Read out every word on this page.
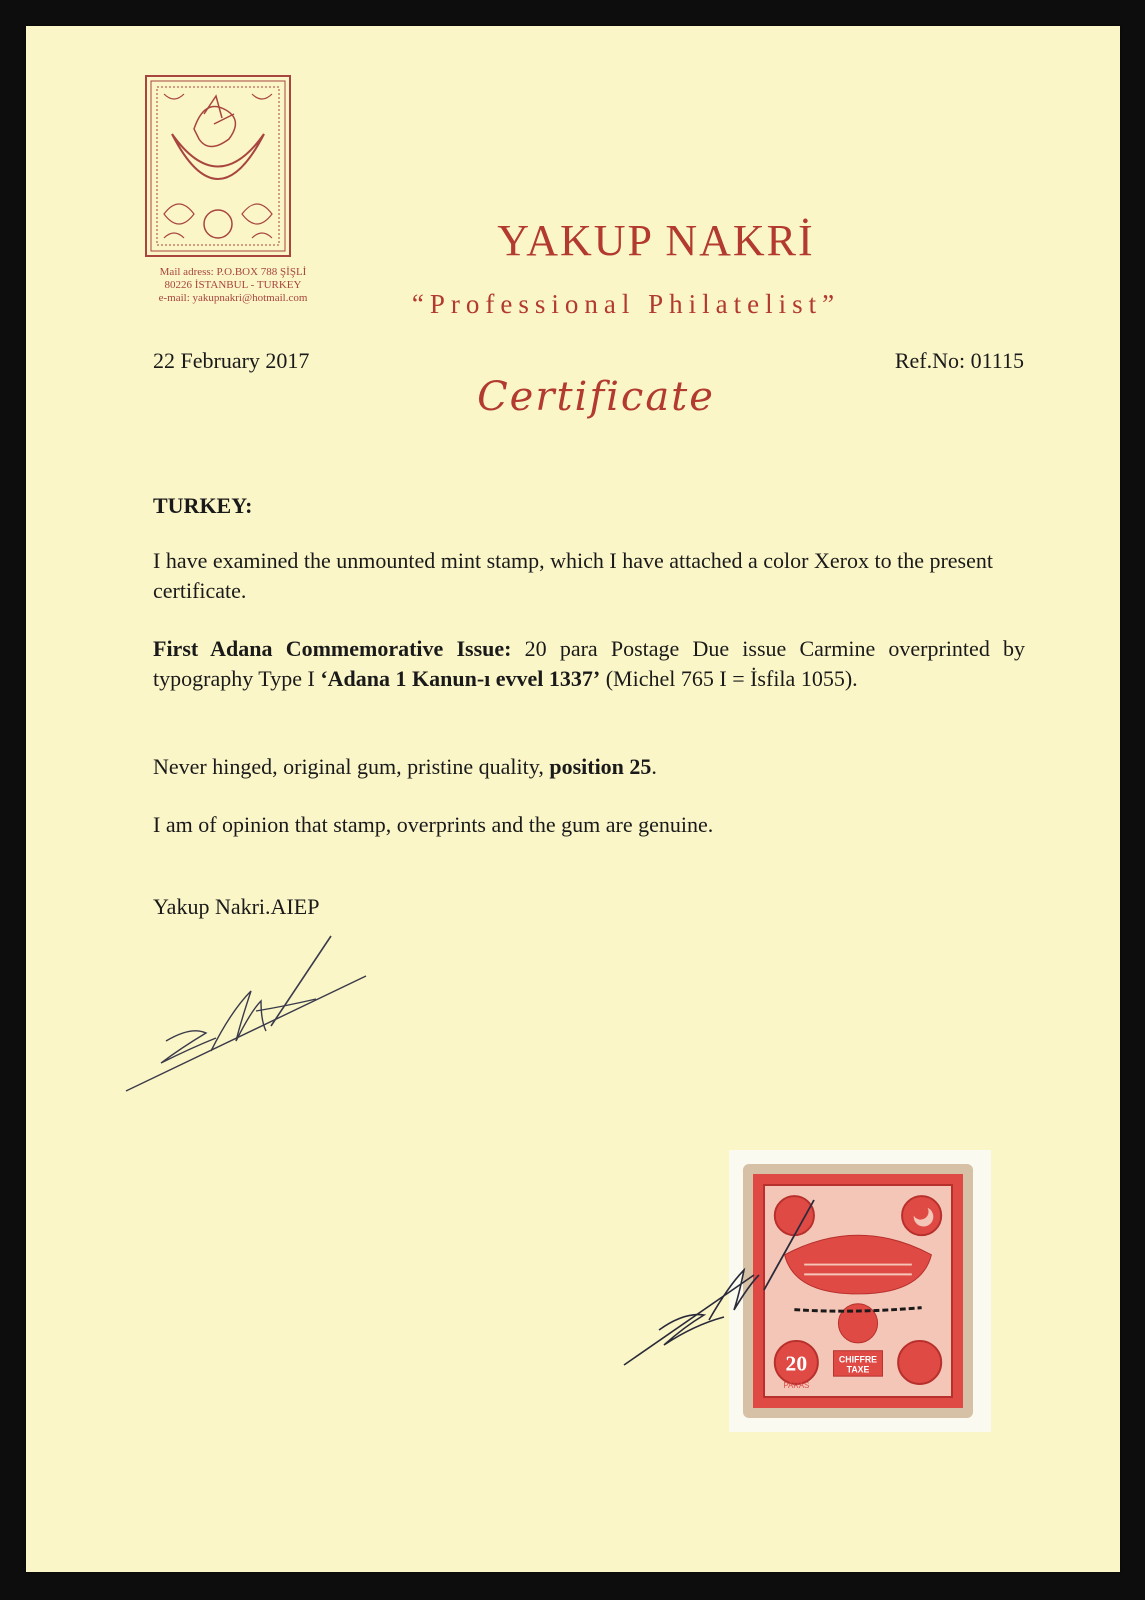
Mail adress: P.O.BOX 788 ŞİŞLİ
80226 İSTANBUL - TURKEY
e-mail: yakupnakri@hotmail.com
YAKUP NAKRİ
“Professional Philatelist”
22 February 2017	Ref.No: 01115
Certificate
TURKEY:
I have examined the unmounted mint stamp, which I have attached a color Xerox to the present certificate.
First Adana Commemorative Issue: 20 para Postage Due issue Carmine overprinted by typography Type I ‘Adana 1 Kanun-ı evvel 1337’ (Michel 765 I = İsfila 1055).
Never hinged, original gum, pristine quality, position 25.
I am of opinion that stamp, overprints and the gum are genuine.
Yakup Nakri.AIEP
20	CHIFFRE
TAXE
PARAS
